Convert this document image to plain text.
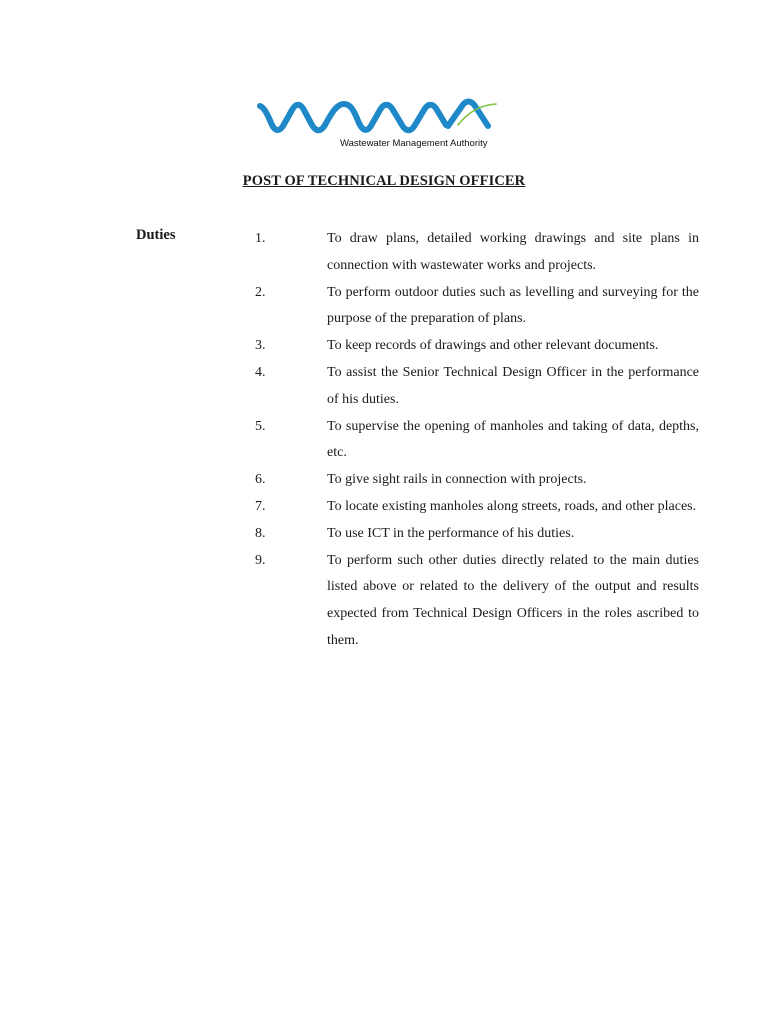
Wastewater Management Authority
POST OF TECHNICAL DESIGN OFFICER
Duties	1.	To draw plans, detailed working drawings and site plans in connection with wastewater works and projects.
2.	To perform outdoor duties such as levelling and surveying for the purpose of the preparation of plans.
3.	To keep records of drawings and other relevant documents.
4.	To assist the Senior Technical Design Officer in the performance of his duties.
5.	To supervise the opening of manholes and taking of data, depths, etc.
6.	To give sight rails in connection with projects.
7.	To locate existing manholes along streets, roads, and other places.
8.	To use ICT in the performance of his duties.
9.	To perform such other duties directly related to the main duties listed above or related to the delivery of the output and results expected from Technical Design Officers in the roles ascribed to them.
